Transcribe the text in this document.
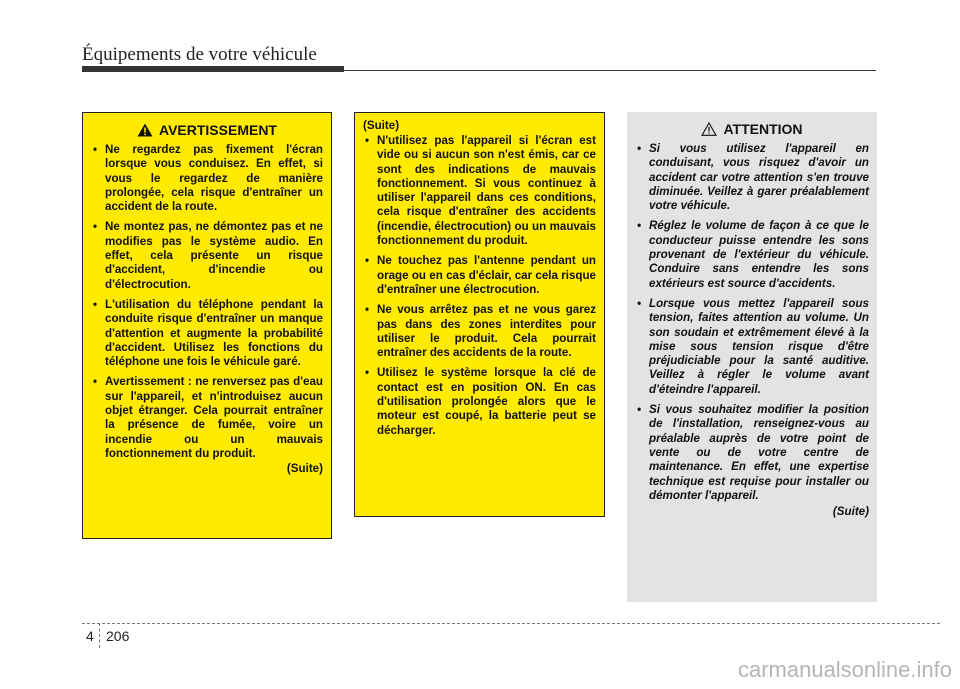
Équipements de votre véhicule
AVERTISSEMENT
• Ne regardez pas fixement l'écran lorsque vous conduisez. En effet, si vous le regardez de manière prolongée, cela risque d'entraîner un accident de la route.
• Ne montez pas, ne démontez pas et ne modifies pas le système audio. En effet, cela présente un risque d'accident, d'incendie ou d'électrocution.
• L'utilisation du téléphone pendant la conduite risque d'entraîner un manque d'attention et augmente la probabilité d'accident. Utilisez les fonctions du téléphone une fois le véhicule garé.
• Avertissement : ne renversez pas d'eau sur l'appareil, et n'introduisez aucun objet étranger. Cela pourrait entraîner la présence de fumée, voire un incendie ou un mauvais fonctionnement du produit.
(Suite)
(Suite)
• N'utilisez pas l'appareil si l'écran est vide ou si aucun son n'est émis, car ce sont des indications de mauvais fonctionnement. Si vous continuez à utiliser l'appareil dans ces conditions, cela risque d'entraîner des accidents (incendie, électrocution) ou un mauvais fonctionnement du produit.
• Ne touchez pas l'antenne pendant un orage ou en cas d'éclair, car cela risque d'entraîner une électrocution.
• Ne vous arrêtez pas et ne vous garez pas dans des zones interdites pour utiliser le produit. Cela pourrait entraîner des accidents de la route.
• Utilisez le système lorsque la clé de contact est en position ON. En cas d'utilisation prolongée alors que le moteur est coupé, la batterie peut se décharger.
ATTENTION
• Si vous utilisez l'appareil en conduisant, vous risquez d'avoir un accident car votre attention s'en trouve diminuée. Veillez à garer préalablement votre véhicule.
• Réglez le volume de façon à ce que le conducteur puisse entendre les sons provenant de l'extérieur du véhicule. Conduire sans entendre les sons extérieurs est source d'accidents.
• Lorsque vous mettez l'appareil sous tension, faites attention au volume. Un son soudain et extrêmement élevé à la mise sous tension risque d'être préjudiciable pour la santé auditive. Veillez à régler le volume avant d'éteindre l'appareil.
• Si vous souhaitez modifier la position de l'installation, renseignez-vous au préalable auprès de votre point de vente ou de votre centre de maintenance. En effet, une expertise technique est requise pour installer ou démonter l'appareil.
(Suite)
4 206
carmanualsonline.info
